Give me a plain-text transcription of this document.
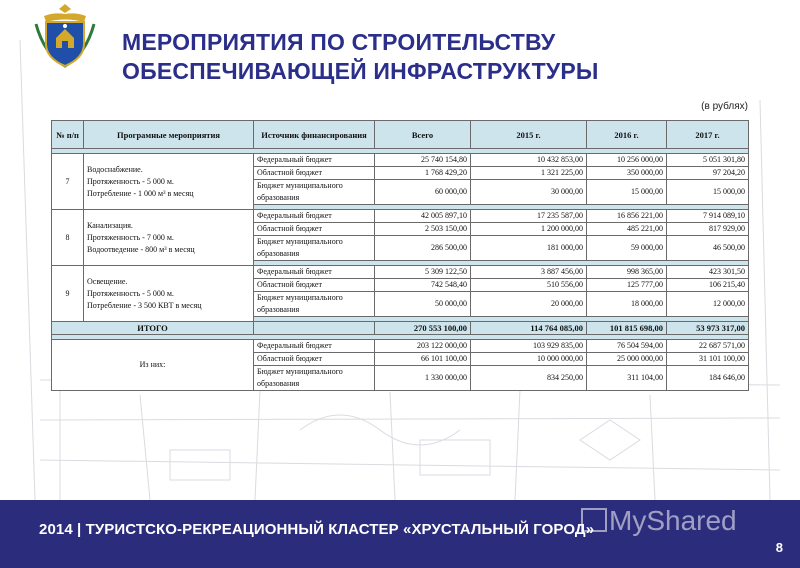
МЕРОПРИЯТИЯ ПО СТРОИТЕЛЬСТВУ
ОБЕСПЕЧИВАЮЩЕЙ ИНФРАСТРУКТУРЫ
(в рублях)
№ п/п	Програмные мероприятия	Источник финансирования	Всего	2015 г.	2016 г.	2017 г.

7	Водоснабжение.
Протяженность - 5 000 м.
Потребление - 1 000 м³ в месяц	Федеральный бюджет	25 740 154,80	10 432 853,00	10 256 000,00	5 051 301,80
		Областной бюджет	1 768 429,20	1 321 225,00	350 000,00	97 204,20
		Бюджет муниципального образования	60 000,00	30 000,00	15 000,00	15 000,00

8	Канализация.
Протяженность - 7 000 м.
Водоотведение - 800 м³ в месяц	Федеральный бюджет	42 005 897,10	17 235 587,00	16 856 221,00	7 914 089,10
		Областной бюджет	2 503 150,00	1 200 000,00	485 221,00	817 929,00
		Бюджет муниципального образования	286 500,00	181 000,00	59 000,00	46 500,00

9	Освещение.
Протяженность - 5 000 м.
Потребление - 3 500 КВТ в месяц	Федеральный бюджет	5 309 122,50	3 887 456,00	998 365,00	423 301,50
		Областной бюджет	742 548,40	510 556,00	125 777,00	106 215,40
		Бюджет муниципального образования	50 000,00	20 000,00	18 000,00	12 000,00

ИТОГО			270 553 100,00	114 764 085,00	101 815 698,00	53 973 317,00

Из них:		Федеральный бюджет	203 122 000,00	103 929 835,00	76 504 594,00	22 687 571,00
		Областной бюджет	66 101 100,00	10 000 000,00	25 000 000,00	31 101 100,00
		Бюджет муниципального образования	1 330 000,00	834 250,00	311 104,00	184 646,00
MyShared
2014 | ТУРИСТСКО-РЕКРЕАЦИОННЫЙ КЛАСТЕР «ХРУСТАЛЬНЫЙ ГОРОД»
8
